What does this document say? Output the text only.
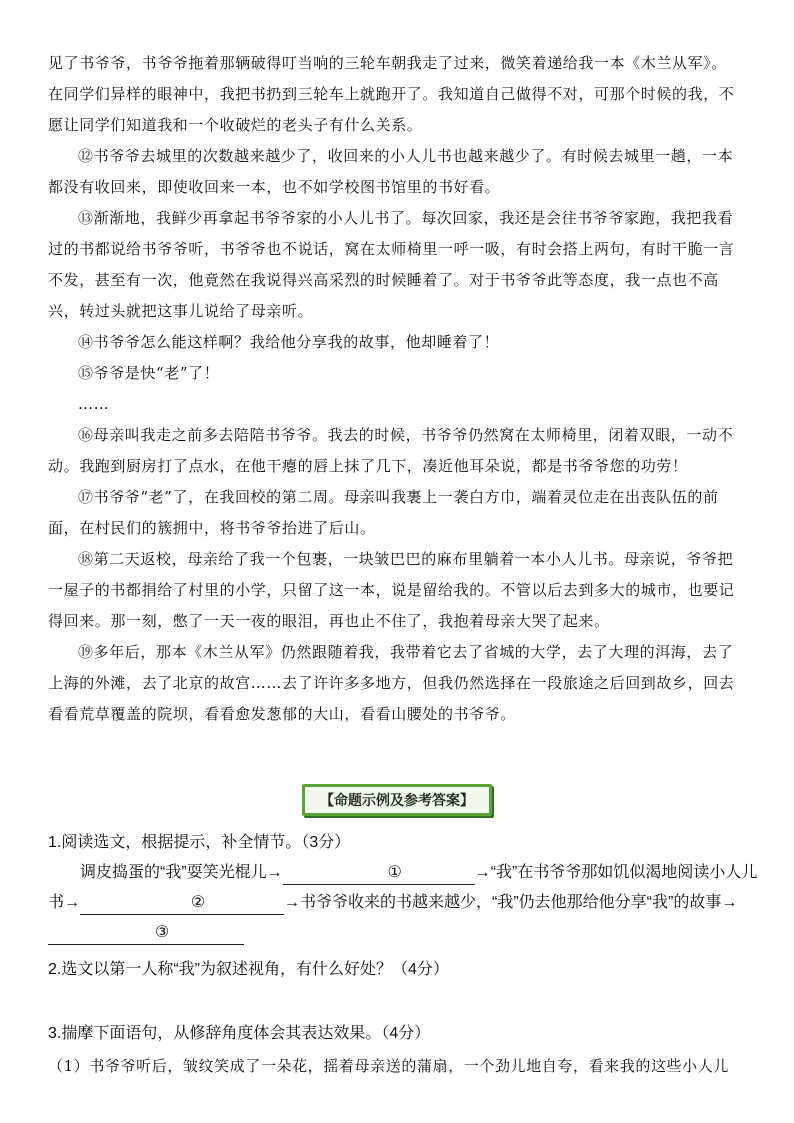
见了书爷爷，书爷爷拖着那辆破得叮当响的三轮车朝我走了过来，微笑着递给我一本《木兰从军》。

在同学们异样的眼神中，我把书扔到三轮车上就跑开了。我知道自己做得不对，可那个时候的我，不

愿让同学们知道我和一个收破烂的老头子有什么关系。

⑫书爷爷去城里的次数越来越少了，收回来的小人儿书也越来越少了。有时候去城里一趟，一本都没有收回来，即使收回来一本，也不如学校图书馆里的书好看。

⑬渐渐地，我鲜少再拿起书爷爷家的小人儿书了。每次回家，我还是会往书爷爷家跑，我把我看过的书都说给书爷爷听，书爷爷也不说话，窝在太师椅里一呼一吸，有时会搭上两句，有时干脆一言不发，甚至有一次，他竟然在我说得兴高采烈的时候睡着了。对于书爷爷此等态度，我一点也不高兴，转过头就把这事儿说给了母亲听。

⑭书爷爷怎么能这样啊？我给他分享我的故事，他却睡着了！

⑮爷爷是快“老”了！

……

⑯母亲叫我走之前多去陪陪书爷爷。我去的时候，书爷爷仍然窝在太师椅里，闭着双眼，一动不动。我跑到厨房打了点水，在他干瘪的唇上抹了几下，凑近他耳朵说，都是书爷爷您的功劳！

⑰书爷爷“老”了，在我回校的第二周。母亲叫我裹上一袭白方巾，端着灵位走在出丧队伍的前面，在村民们的簇拥中，将书爷爷抬进了后山。

⑱第二天返校，母亲给了我一个包裹，一块皱巴巴的麻布里躺着一本小人儿书。母亲说，爷爷把一屋子的书都捐给了村里的小学，只留了这一本，说是留给我的。不管以后去到多大的城市，也要记得回来。那一刻，憋了一天一夜的眼泪，再也止不住了，我抱着母亲大哭了起来。

⑲多年后，那本《木兰从军》仍然跟随着我，我带着它去了省城的大学，去了大理的洱海，去了上海的外滩，去了北京的故宫……去了许许多多地方，但我仍然选择在一段旅途之后回到故乡，回去看看荒草覆盖的院坝，看看愈发葱郁的大山，看看山腰处的书爷爷。

【命题示例及参考答案】

1.阅读选文，根据提示，补全情节。（3分）

调皮捣蛋的“我”耍笑光棍儿→	①	→“我”在书爷爷那如饥似渴地阅读小人儿书→	②	→书爷爷收来的书越来越少，“我”仍去他那给他分享“我”的故事→③

2.选文以第一人称“我”为叙述视角，有什么好处？（4分）
3.揣摩下面语句，从修辞角度体会其表达效果。（4分）
（1）书爷爷听后，皱纹笑成了一朵花，摇着母亲送的蒲扇，一个劲儿地自夸，看来我的这些小人儿
